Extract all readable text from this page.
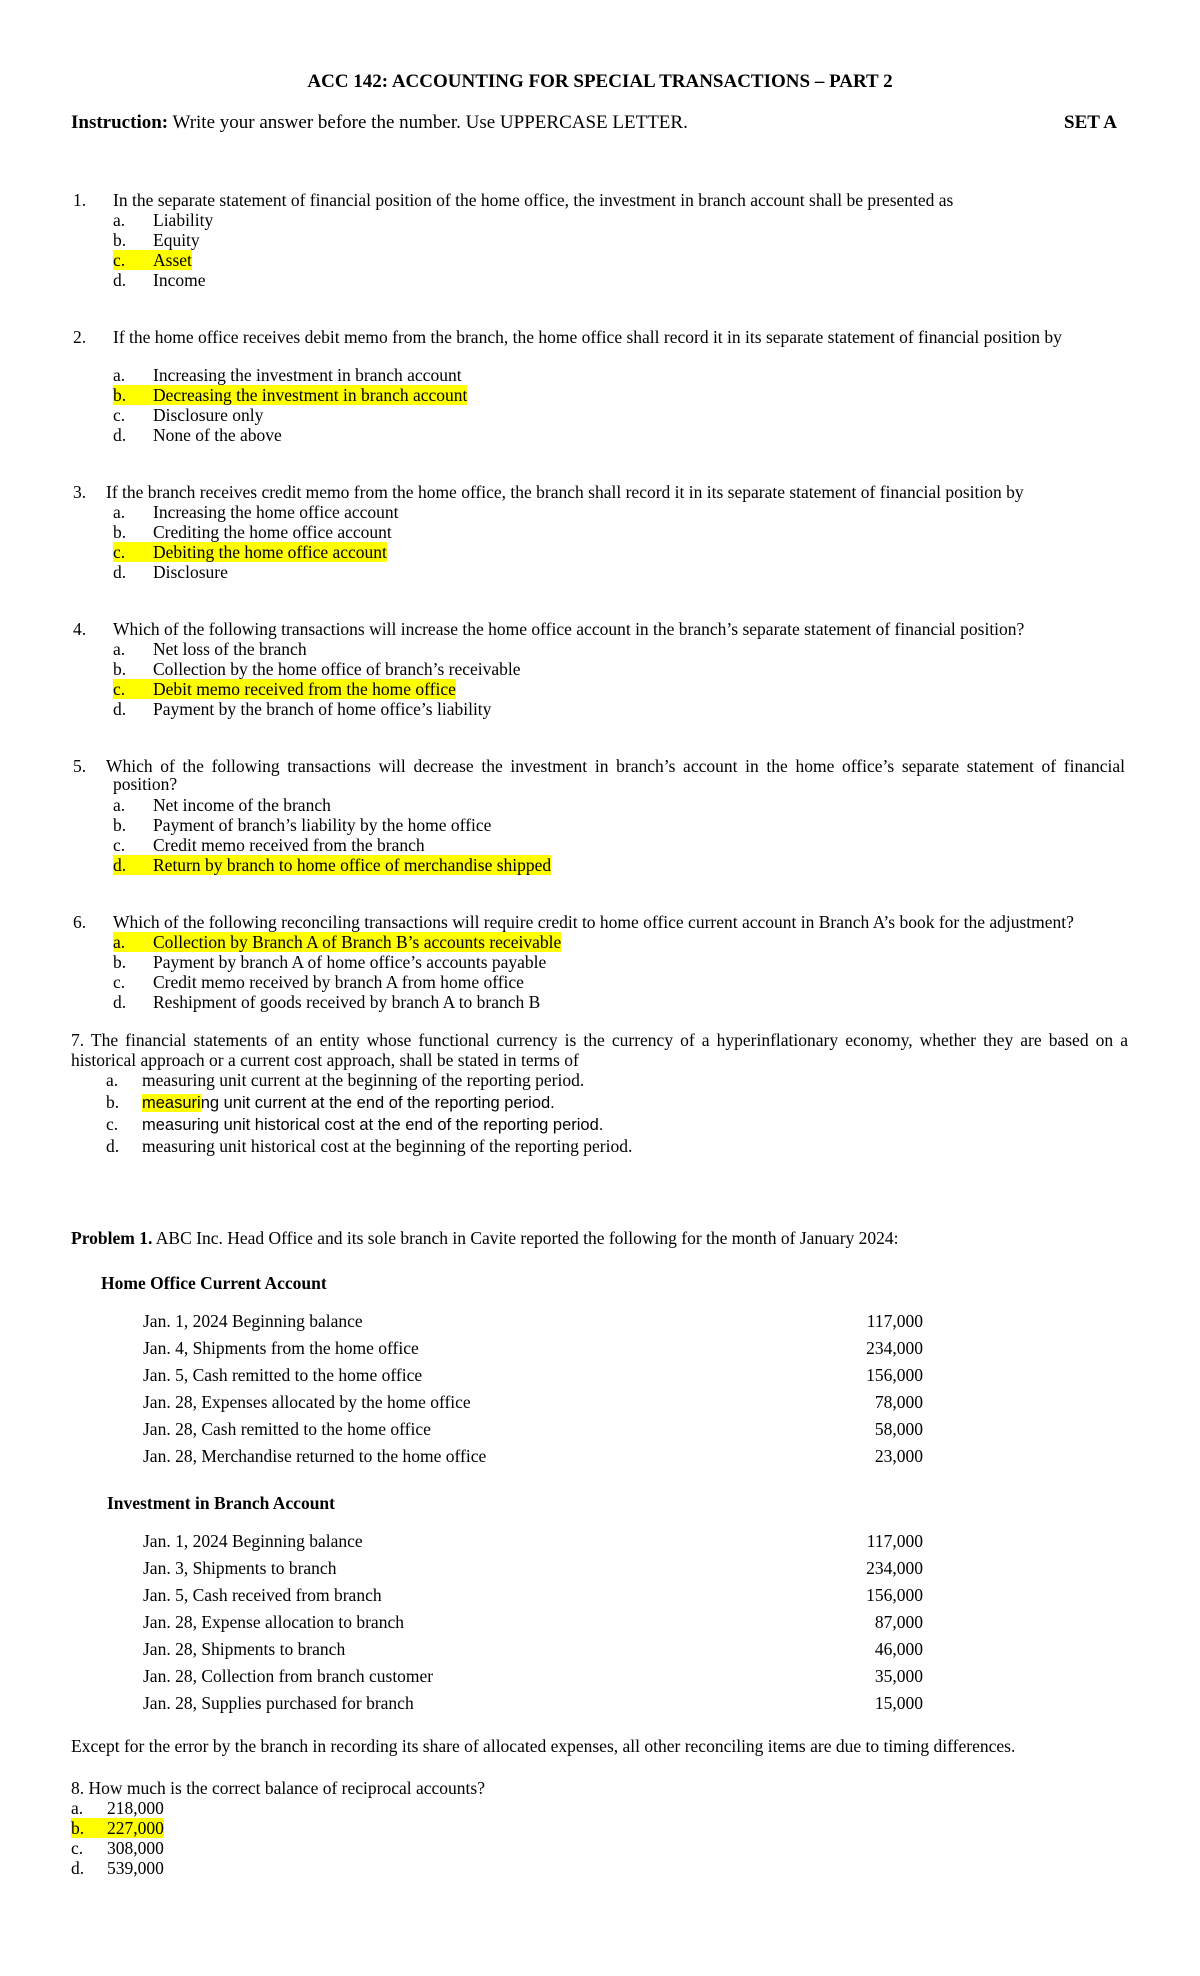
ACC 142: ACCOUNTING FOR SPECIAL TRANSACTIONS – PART 2
Instruction: Write your answer before the number. Use UPPERCASE LETTER.	SET A
1. In the separate statement of financial position of the home office, the investment in branch account shall be presented as
a. Liability
b. Equity
c. Asset
d. Income
2. If the home office receives debit memo from the branch, the home office shall record it in its separate statement of financial position by
a. Increasing the investment in branch account
b. Decreasing the investment in branch account
c. Disclosure only
d. None of the above
3. If the branch receives credit memo from the home office, the branch shall record it in its separate statement of financial position by
a. Increasing the home office account
b. Crediting the home office account
c. Debiting the home office account
d. Disclosure
4. Which of the following transactions will increase the home office account in the branch’s separate statement of financial position?
a. Net loss of the branch
b. Collection by the home office of branch’s receivable
c. Debit memo received from the home office
d. Payment by the branch of home office’s liability
5. Which of the following transactions will decrease the investment in branch’s account in the home office’s separate statement of financial
position?
a. Net income of the branch
b. Payment of branch’s liability by the home office
c. Credit memo received from the branch
d. Return by branch to home office of merchandise shipped
6. Which of the following reconciling transactions will require credit to home office current account in Branch A’s book for the adjustment?
a. Collection by Branch A of Branch B’s accounts receivable
b. Payment by branch A of home office’s accounts payable
c. Credit memo received by branch A from home office
d. Reshipment of goods received by branch A to branch B
7. The financial statements of an entity whose functional currency is the currency of a hyperinflationary economy, whether they are based on a
historical approach or a current cost approach, shall be stated in terms of
a. measuring unit current at the beginning of the reporting period.
b. measuring unit current at the end of the reporting period.
c. measuring unit historical cost at the end of the reporting period.
d. measuring unit historical cost at the beginning of the reporting period.
Problem 1. ABC Inc. Head Office and its sole branch in Cavite reported the following for the month of January 2024:
Home Office Current Account
Jan. 1, 2024 Beginning balance	117,000
Jan. 4, Shipments from the home office	234,000
Jan. 5, Cash remitted to the home office	156,000
Jan. 28, Expenses allocated by the home office	78,000
Jan. 28, Cash remitted to the home office	58,000
Jan. 28, Merchandise returned to the home office	23,000
Investment in Branch Account
Jan. 1, 2024 Beginning balance	117,000
Jan. 3, Shipments to branch	234,000
Jan. 5, Cash received from branch	156,000
Jan. 28, Expense allocation to branch	87,000
Jan. 28, Shipments to branch	46,000
Jan. 28, Collection from branch customer	35,000
Jan. 28, Supplies purchased for branch	15,000
Except for the error by the branch in recording its share of allocated expenses, all other reconciling items are due to timing differences.
8. How much is the correct balance of reciprocal accounts?
a. 218,000
b. 227,000
c. 308,000
d. 539,000
